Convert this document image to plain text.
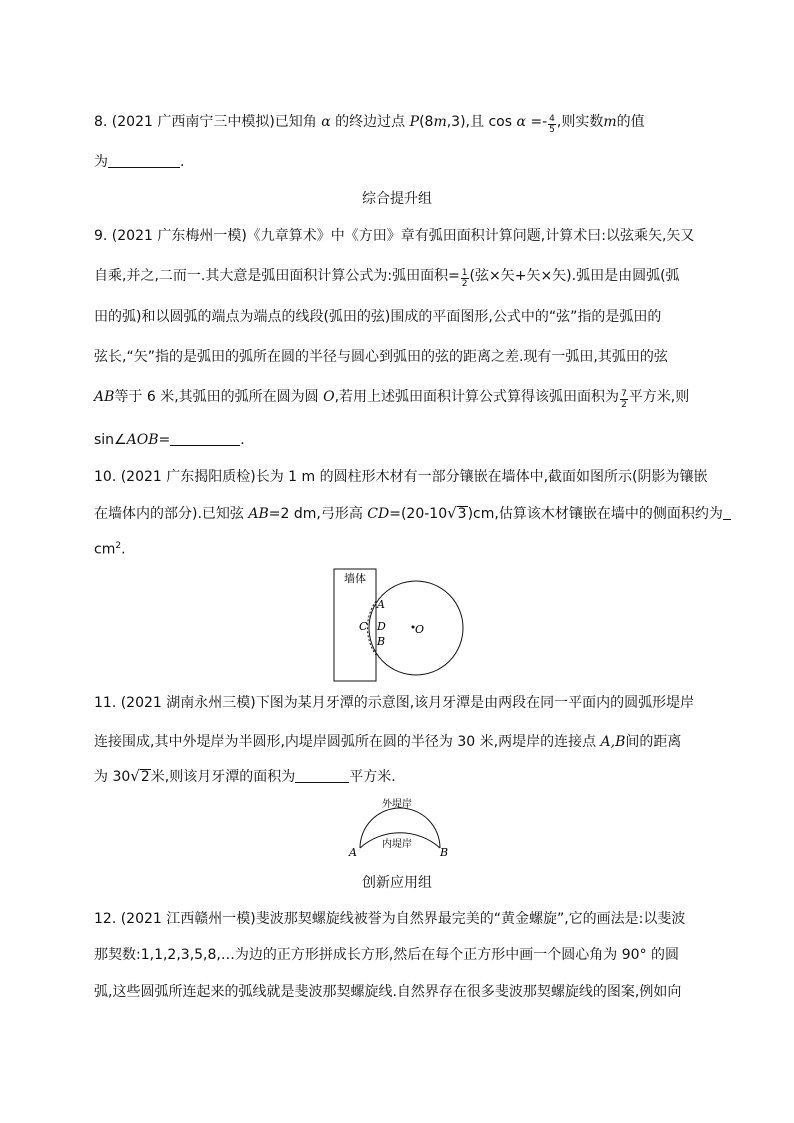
8. (2021 广西南宁三中模拟)已知角 α 的终边过点 P(8m,3),且 $\cos \alpha =- \frac{4}{5}$ ,则实数m的值
为	.
综合提升组
9. (2021 广东梅州一模)《九章算术》中《方田》章有弧田面积计算问题,计算术曰:以弦乘矢,矢又
自乘,并之,二而一.其大意是弧田面积计算公式为:弧田面积= $\frac{1}{2}$ (弦×矢+矢×矢).弧田是由圆弧(弧
田的弧)和以圆弧的端点为端点的线段(弧田的弦)围成的平面图形,公式中的“弦”指的是弧田的
弦长,“矢”指的是弧田的弧所在圆的半径与圆心到弧田的弦的距离之差.现有一弧田,其弧田的弦
AB等于 6 米,其弧田的弧所在圆为圆 O,若用上述弧田面积计算公式算得该弧田面积为 $\frac{7}{2}$ 平方米,则
sin∠AOB=	.
10. (2021 广东揭阳质检)长为 1 m 的圆柱形木材有一部分镶嵌在墙体中,截面如图所示(阴影为镶嵌
在墙体内的部分).已知弦 AB=2 dm,弓形高 CD=(20-10√3)cm,估算该木材镶嵌在墙中的侧面积约为
$cm^2$.
墙体
A
C D
B
O
11. (2021 湖南永州三模)下图为某月牙潭的示意图,该月牙潭是由两段在同一平面内的圆弧形堤岸
连接围成,其中外堤岸为半圆形,内堤岸圆弧所在圆的半径为 30 米,两堤岸的连接点 A,B间的距离
为 30√2米,则该月牙潭的面积为	平方米.
外堤岸
内堤岸
A	B
创新应用组
12. (2021 江西赣州一模)斐波那契螺旋线被誉为自然界最完美的“黄金螺旋”,它的画法是:以斐波
那契数:1,1,2,3,5,8,…为边的正方形拼成长方形,然后在每个正方形中画一个圆心角为 90° 的圆
弧,这些圆弧所连起来的弧线就是斐波那契螺旋线.自然界存在很多斐波那契螺旋线的图案,例如向
